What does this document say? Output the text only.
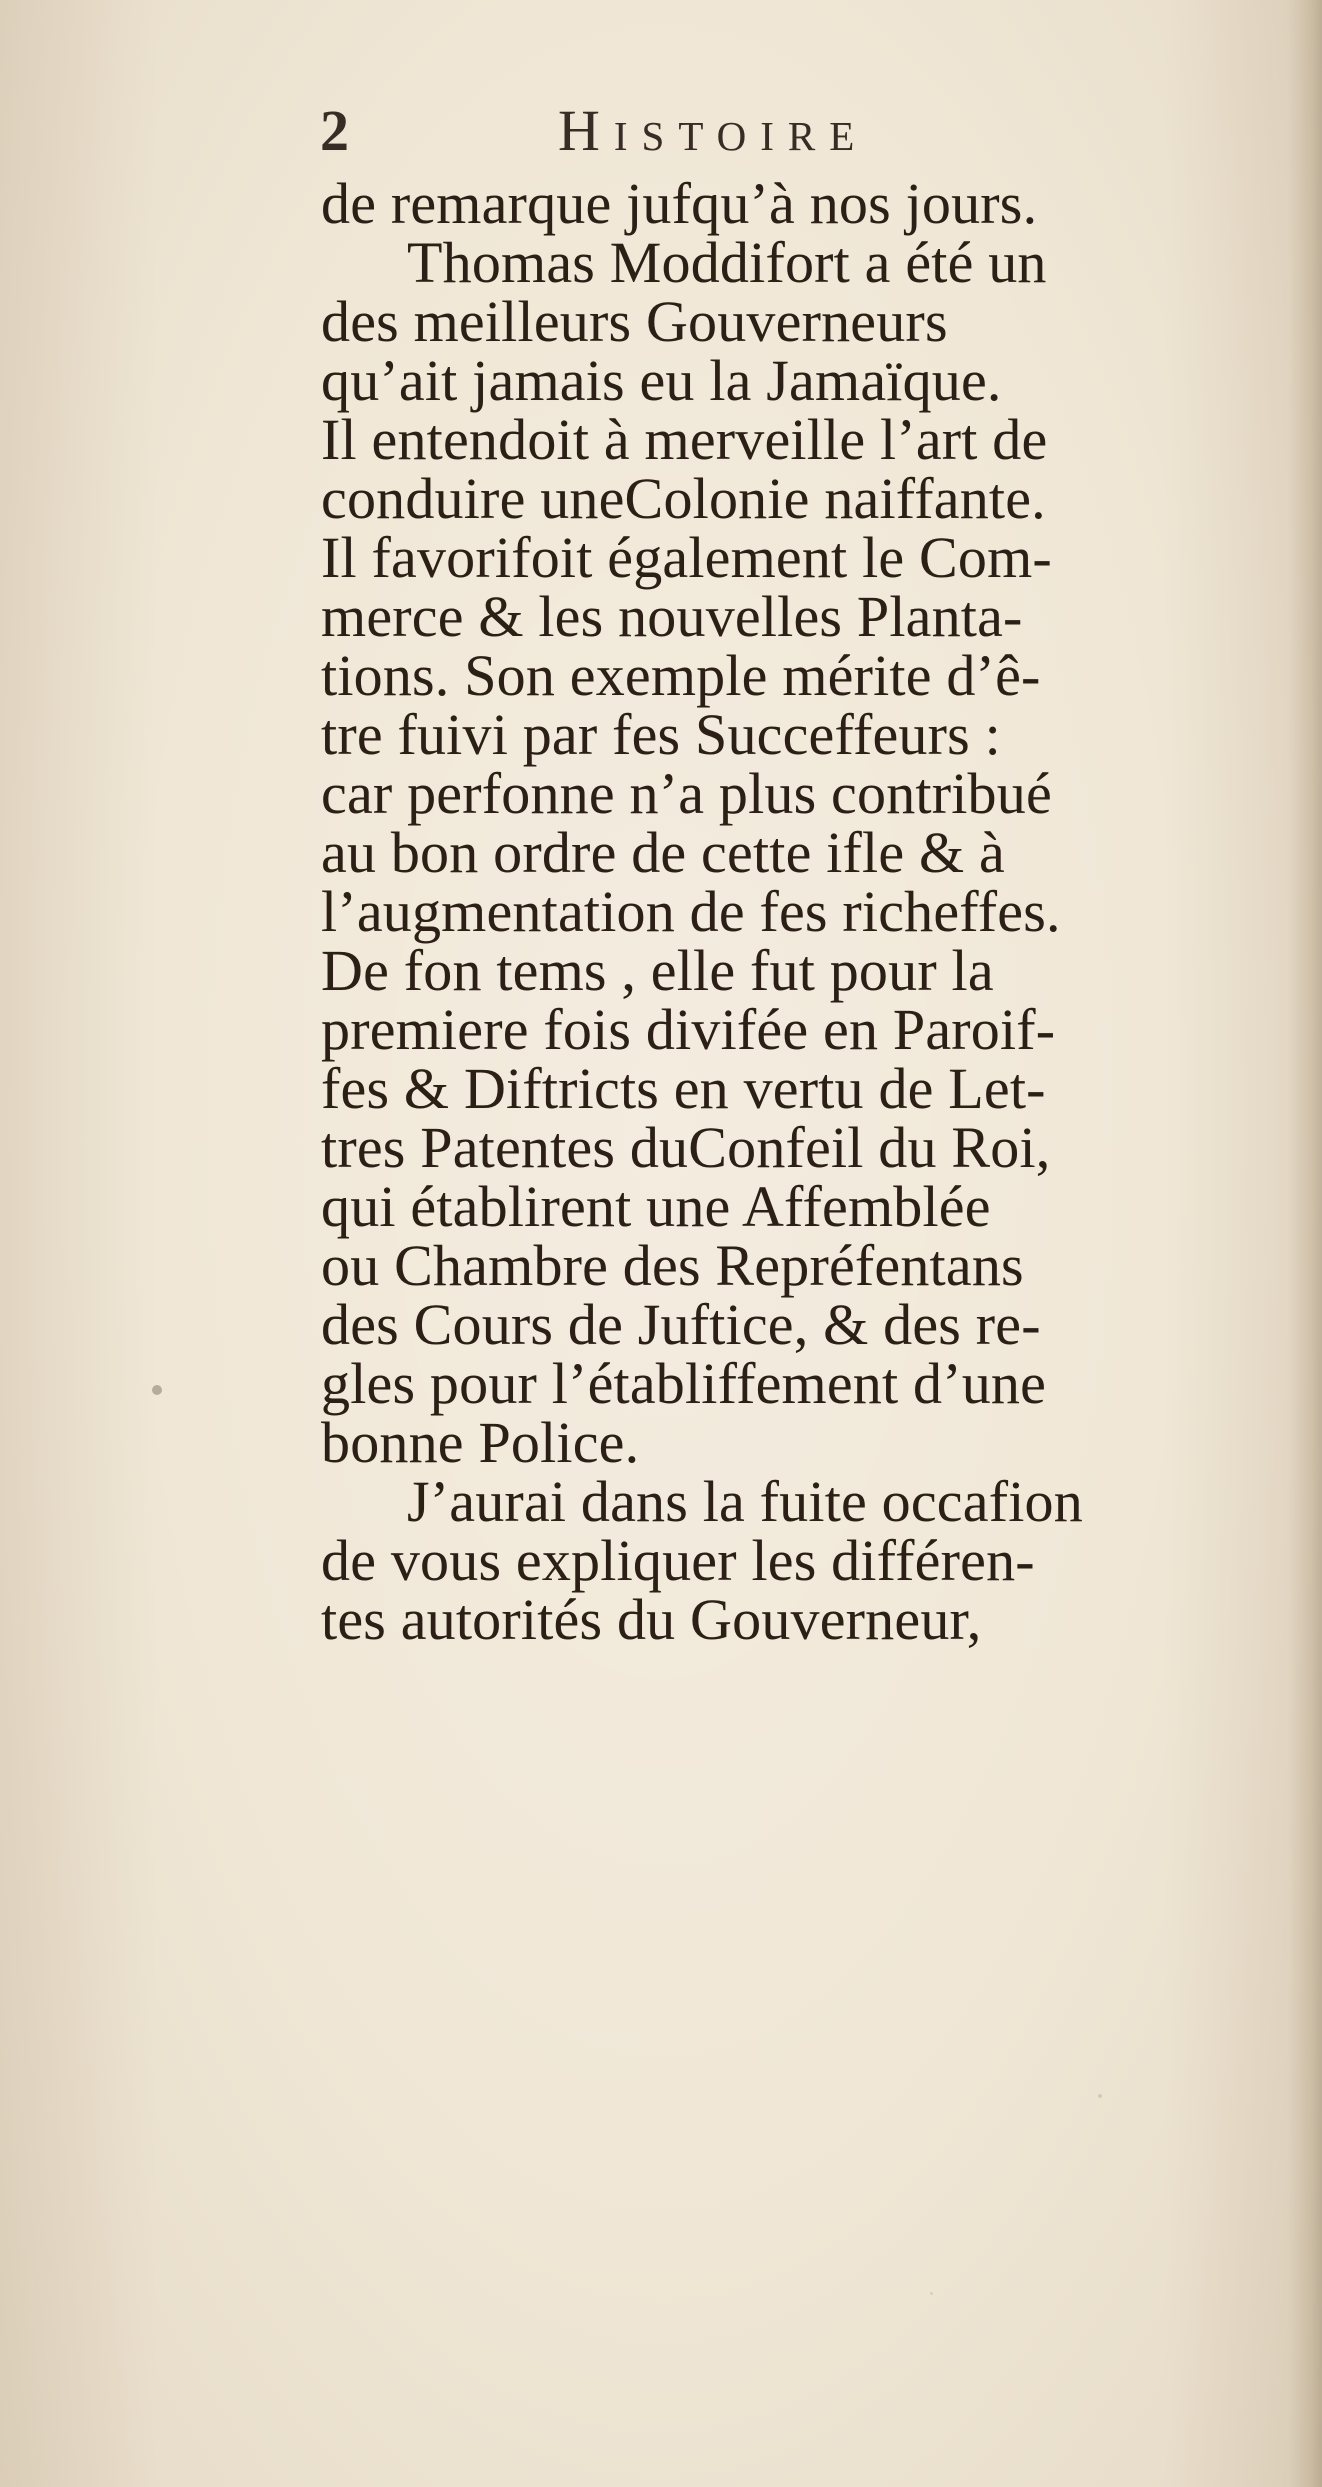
2	Histoire
de remarque jufqu’à nos jours.
Thomas Moddifort a été un
des meilleurs Gouverneurs
qu’ait jamais eu la Jamaïque.
Il entendoit à merveille l’art de
conduire uneColonie naiffante.
Il favorifoit également le Com-
merce & les nouvelles Planta-
tions. Son exemple mérite d’ê-
tre fuivi par fes Succeffeurs :
car perfonne n’a plus contribué
au bon ordre de cette ifle & à
l’augmentation de fes richeffes.
De fon tems , elle fut pour la
premiere fois divifée en Paroif-
fes & Diftricts en vertu de Let-
tres Patentes duConfeil du Roi,
qui établirent une Affemblée
ou Chambre des Repréfentans
des Cours de Juftice, & des re-
gles pour l’établiffement d’une
bonne Police.
J’aurai dans la fuite occafion
de vous expliquer les différen-
tes autorités du Gouverneur,
